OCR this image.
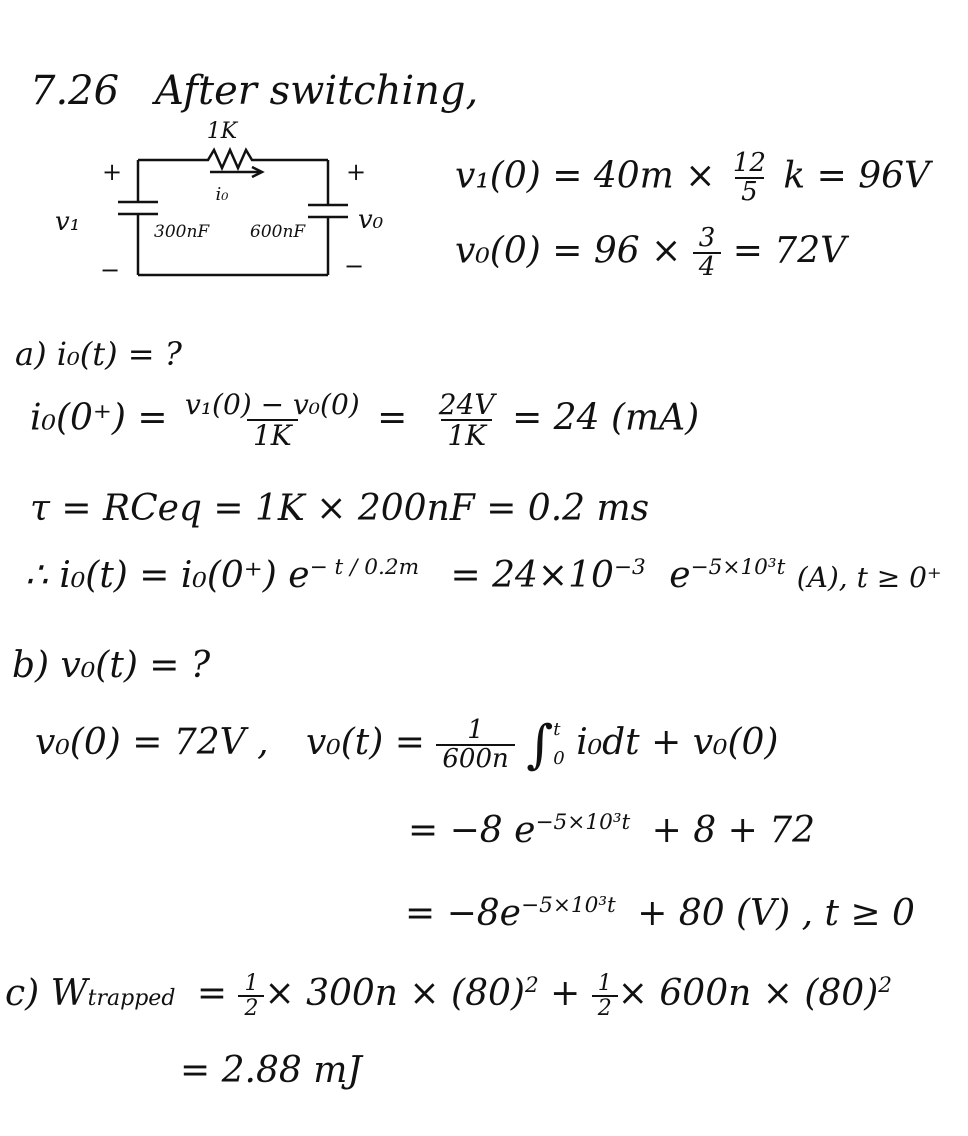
7.26 After switching,
1K
i₀
+
−
v₁	300nF 600nF
+
−
v₀
$v_1(0) = 40m \times \frac{12}{5}$ k = 96V
$v_0(0) = 96 \times \frac{3}{4} = 72V$
a) i₀(t) = ?
$i_0(0^+) = \frac{\text{v₁(0) − v₀(0)}}{1K} = \frac{24V}{1K} = 24$ (mA)
τ = RCeq = 1K × 200nF = 0.2 ms
∴ i₀(t) = i₀(0⁺) $e^{- t / 0.2m} = 24\times 10^{-3}$ $e^{-5\times 10^3t}$ (A), t ≥ 0⁺
b) v₀(t) = ?
v₀(0) = 72V , $v_0(t) = \frac{1}{600n}$ ∫ t
0 i₀dt + v₀(0)
= −8 $e^{-5\times 10^3t} + 8 + 72$
= $-8e^{-5\times 10^3t} + 80$ (V) , t ≥ 0
c) Wtrapped = $\frac{1}{2} \times 300n \times (80)^2 + \frac{1}{2} \times 600n \times (80)^2$
= 2.88 mJ
